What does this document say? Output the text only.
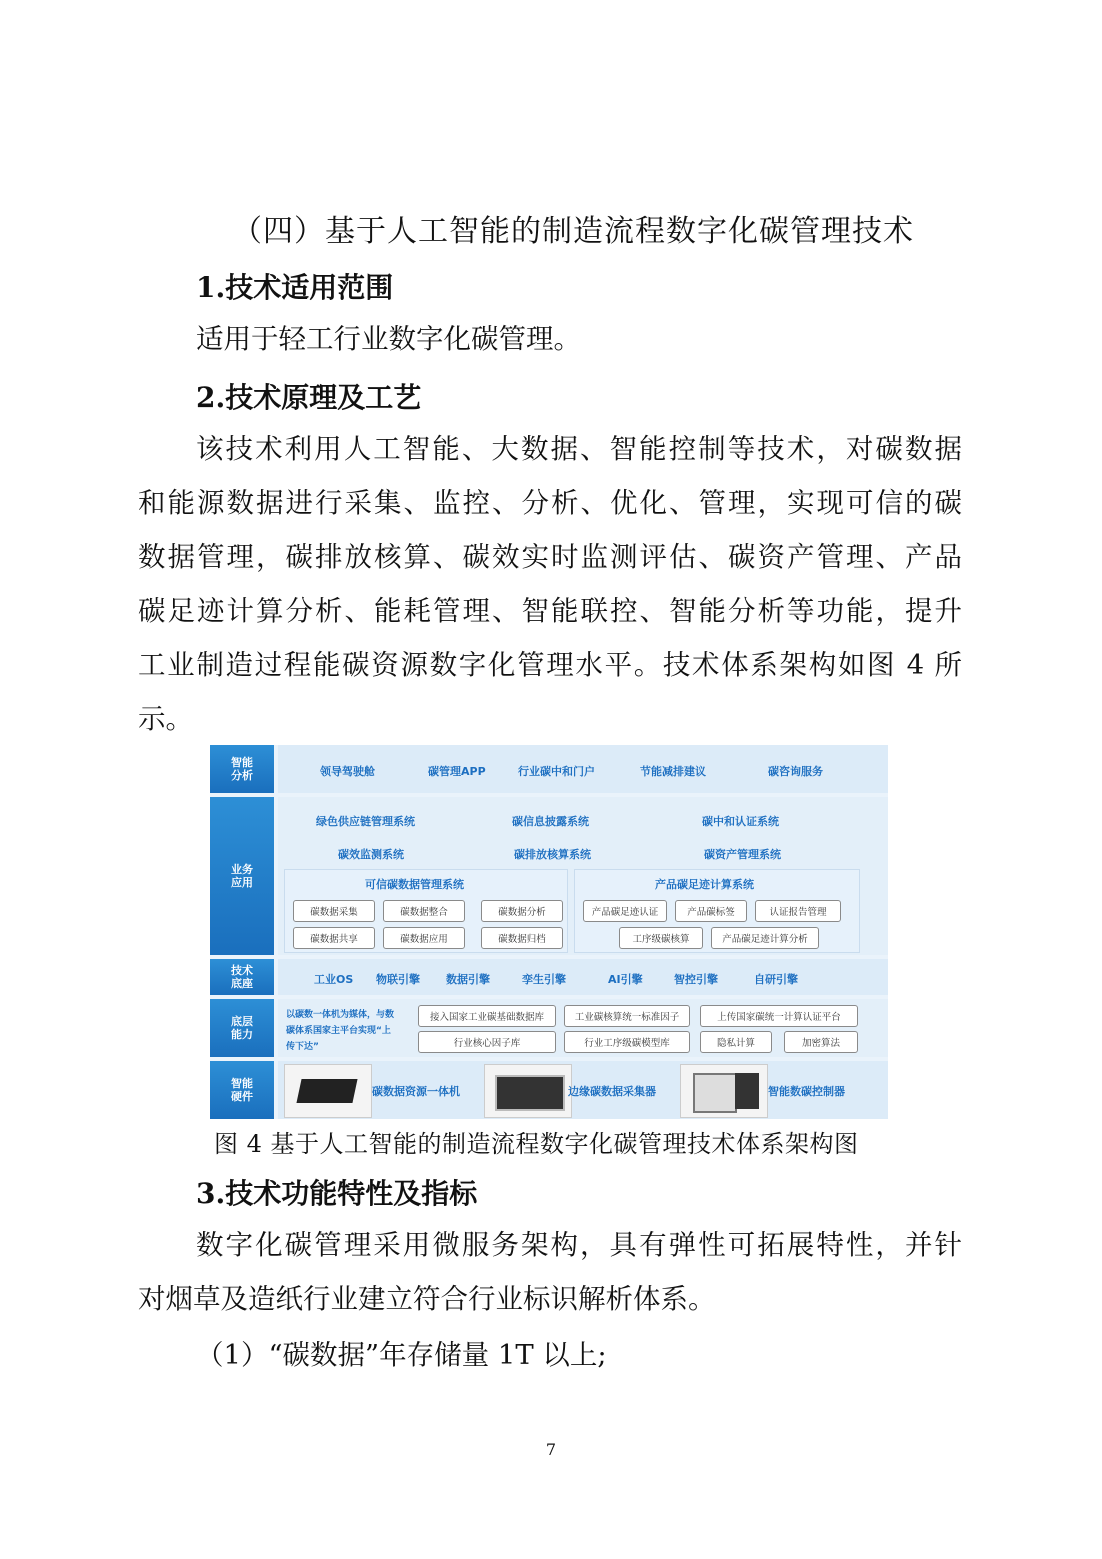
（四）基于人工智能的制造流程数字化碳管理技术
1.技术适用范围
适用于轻工行业数字化碳管理。
2.技术原理及工艺
该技术利用人工智能、大数据、智能控制等技术，对碳数据
和能源数据进行采集、监控、分析、优化、管理，实现可信的碳
数据管理，碳排放核算、碳效实时监测评估、碳资产管理、产品
碳足迹计算分析、能耗管理、智能联控、智能分析等功能，提升
工业制造过程能碳资源数字化管理水平。技术体系架构如图 4 所
示。
智能分析	领导驾驶舱	碳管理APP	行业碳中和门户	节能减排建议	碳咨询服务
业务应用
绿色供应链管理系统	碳信息披露系统	碳中和认证系统
碳效监测系统	碳排放核算系统	碳资产管理系统
可信碳数据管理系统
碳数据采集	碳数据整合	碳数据分析
碳数据共享	碳数据应用	碳数据归档
产品碳足迹计算系统
产品碳足迹认证	产品碳标签	认证报告管理
工序级碳核算	产品碳足迹计算分析
技术底座	工业OS 物联引擎 数据引擎	孪生引擎	AI引擎	智控引擎	自研引擎
底层能力
以碳数一体机为媒体，与数
碳体系国家主平台实现“上
传下达”
接入国家工业碳基础数据库	工业碳核算统一标准因子	上传国家碳统一计算认证平台
行业核心因子库	行业工序级碳模型库	隐私计算	加密算法
智能硬件	碳数据资源一体机	边缘碳数据采集器	智能数碳控制器
图 4 基于人工智能的制造流程数字化碳管理技术体系架构图
3.技术功能特性及指标
数字化碳管理采用微服务架构，具有弹性可拓展特性，并针
对烟草及造纸行业建立符合行业标识解析体系。
（1）“碳数据”年存储量 1T 以上;
7
